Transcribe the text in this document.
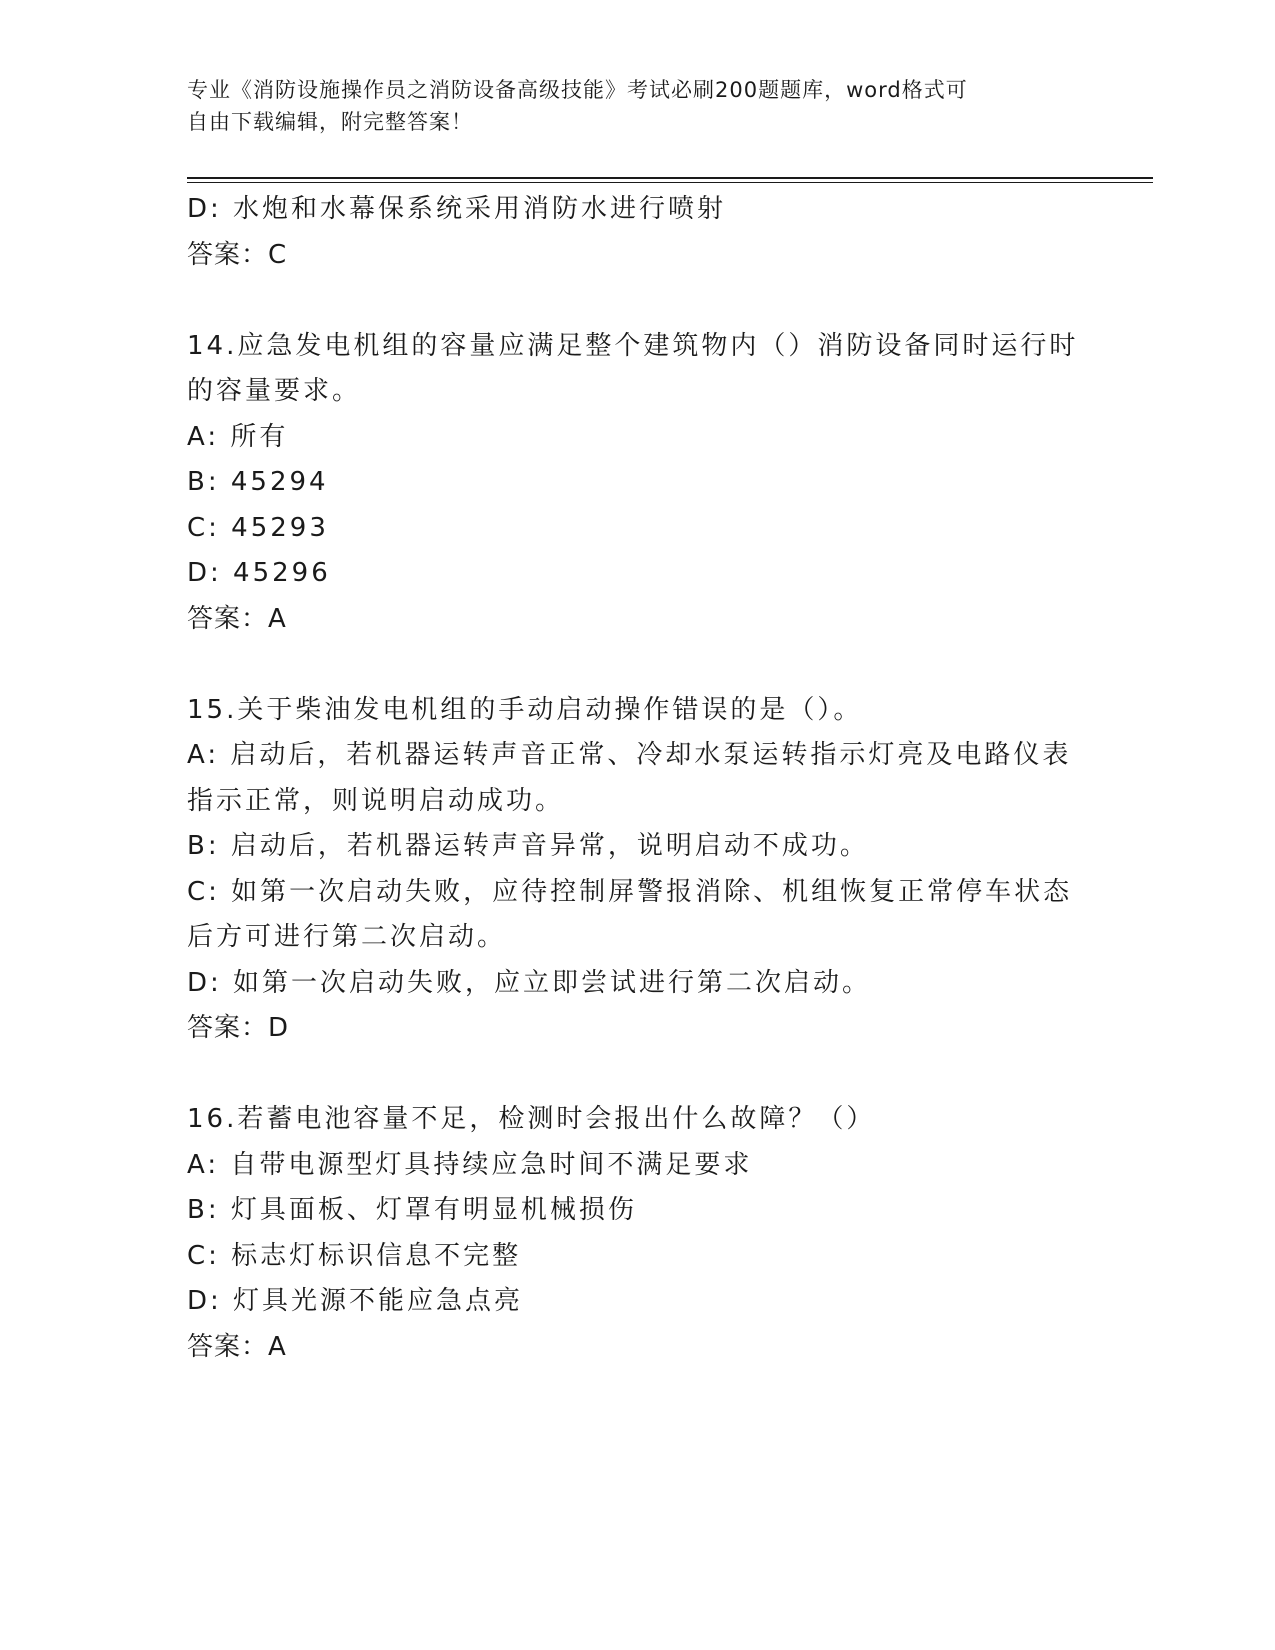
专业《消防设施操作员之消防设备高级技能》考试必刷200题题库，word格式可
自由下载编辑，附完整答案！
D: 水炮和水幕保系统采用消防水进行喷射
答案：C
14.应急发电机组的容量应满足整个建筑物内（）消防设备同时运行时
的容量要求。
A: 所有
B: 45294
C: 45293
D: 45296
答案：A
15.关于柴油发电机组的手动启动操作错误的是（）。
A: 启动后，若机器运转声音正常、冷却水泵运转指示灯亮及电路仪表
指示正常，则说明启动成功。
B: 启动后，若机器运转声音异常，说明启动不成功。
C: 如第一次启动失败，应待控制屏警报消除、机组恢复正常停车状态
后方可进行第二次启动。
D: 如第一次启动失败，应立即尝试进行第二次启动。
答案：D
16.若蓄电池容量不足，检测时会报出什么故障？（）
A: 自带电源型灯具持续应急时间不满足要求
B: 灯具面板、灯罩有明显机械损伤
C: 标志灯标识信息不完整
D: 灯具光源不能应急点亮
答案：A
